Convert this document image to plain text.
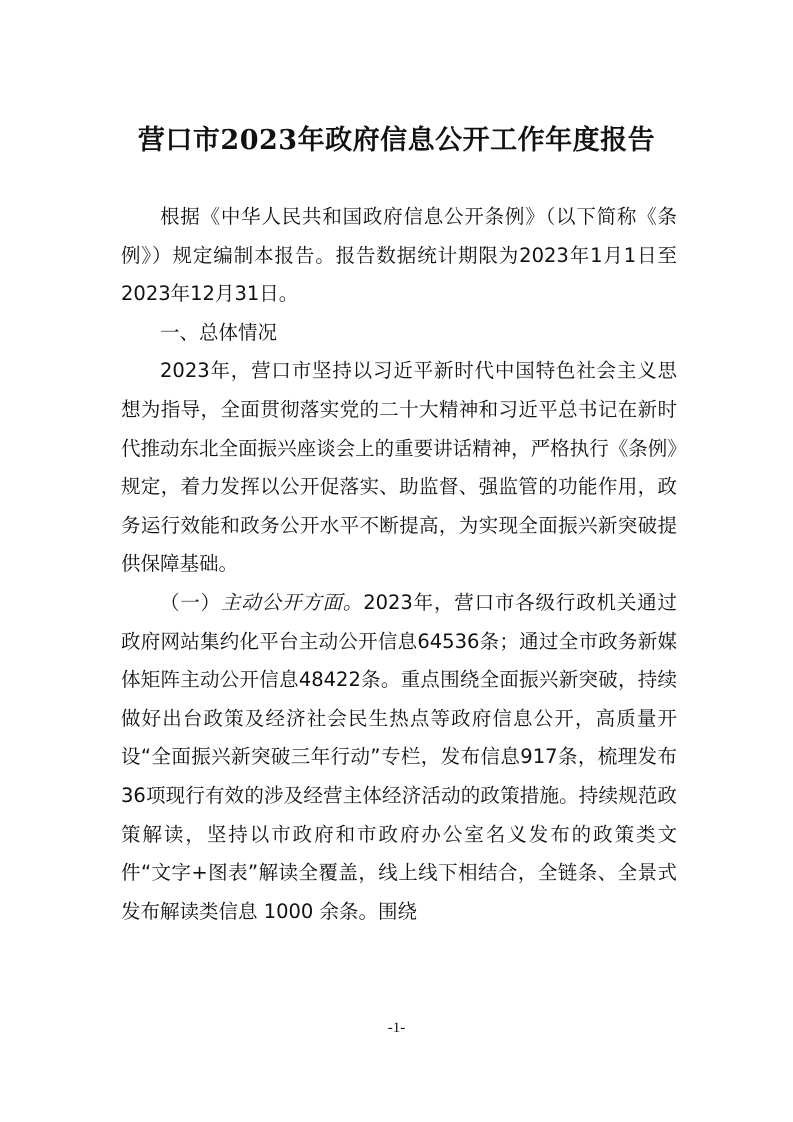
营口市2023年政府信息公开工作年度报告

根据《中华人民共和国政府信息公开条例》（以下简称《条例》）规定编制本报告。报告数据统计期限为2023年1月1日至2023年12月31日。

一、总体情况

2023年，营口市坚持以习近平新时代中国特色社会主义思想为指导，全面贯彻落实党的二十大精神和习近平总书记在新时代推动东北全面振兴座谈会上的重要讲话精神，严格执行《条例》规定，着力发挥以公开促落实、助监督、强监管的功能作用，政务运行效能和政务公开水平不断提高，为实现全面振兴新突破提供保障基础。

（一）主动公开方面。2023年，营口市各级行政机关通过政府网站集约化平台主动公开信息64536条；通过全市政务新媒体矩阵主动公开信息48422条。重点围绕全面振兴新突破，持续做好出台政策及经济社会民生热点等政府信息公开，高质量开设“全面振兴新突破三年行动”专栏，发布信息917条，梳理发布36项现行有效的涉及经营主体经济活动的政策措施。持续规范政策解读，坚持以市政府和市政府办公室名义发布的政策类文件“文字+图表”解读全覆盖，线上线下相结合，全链条、全景式发布解读类信息 1000 余条。围绕

-1-
